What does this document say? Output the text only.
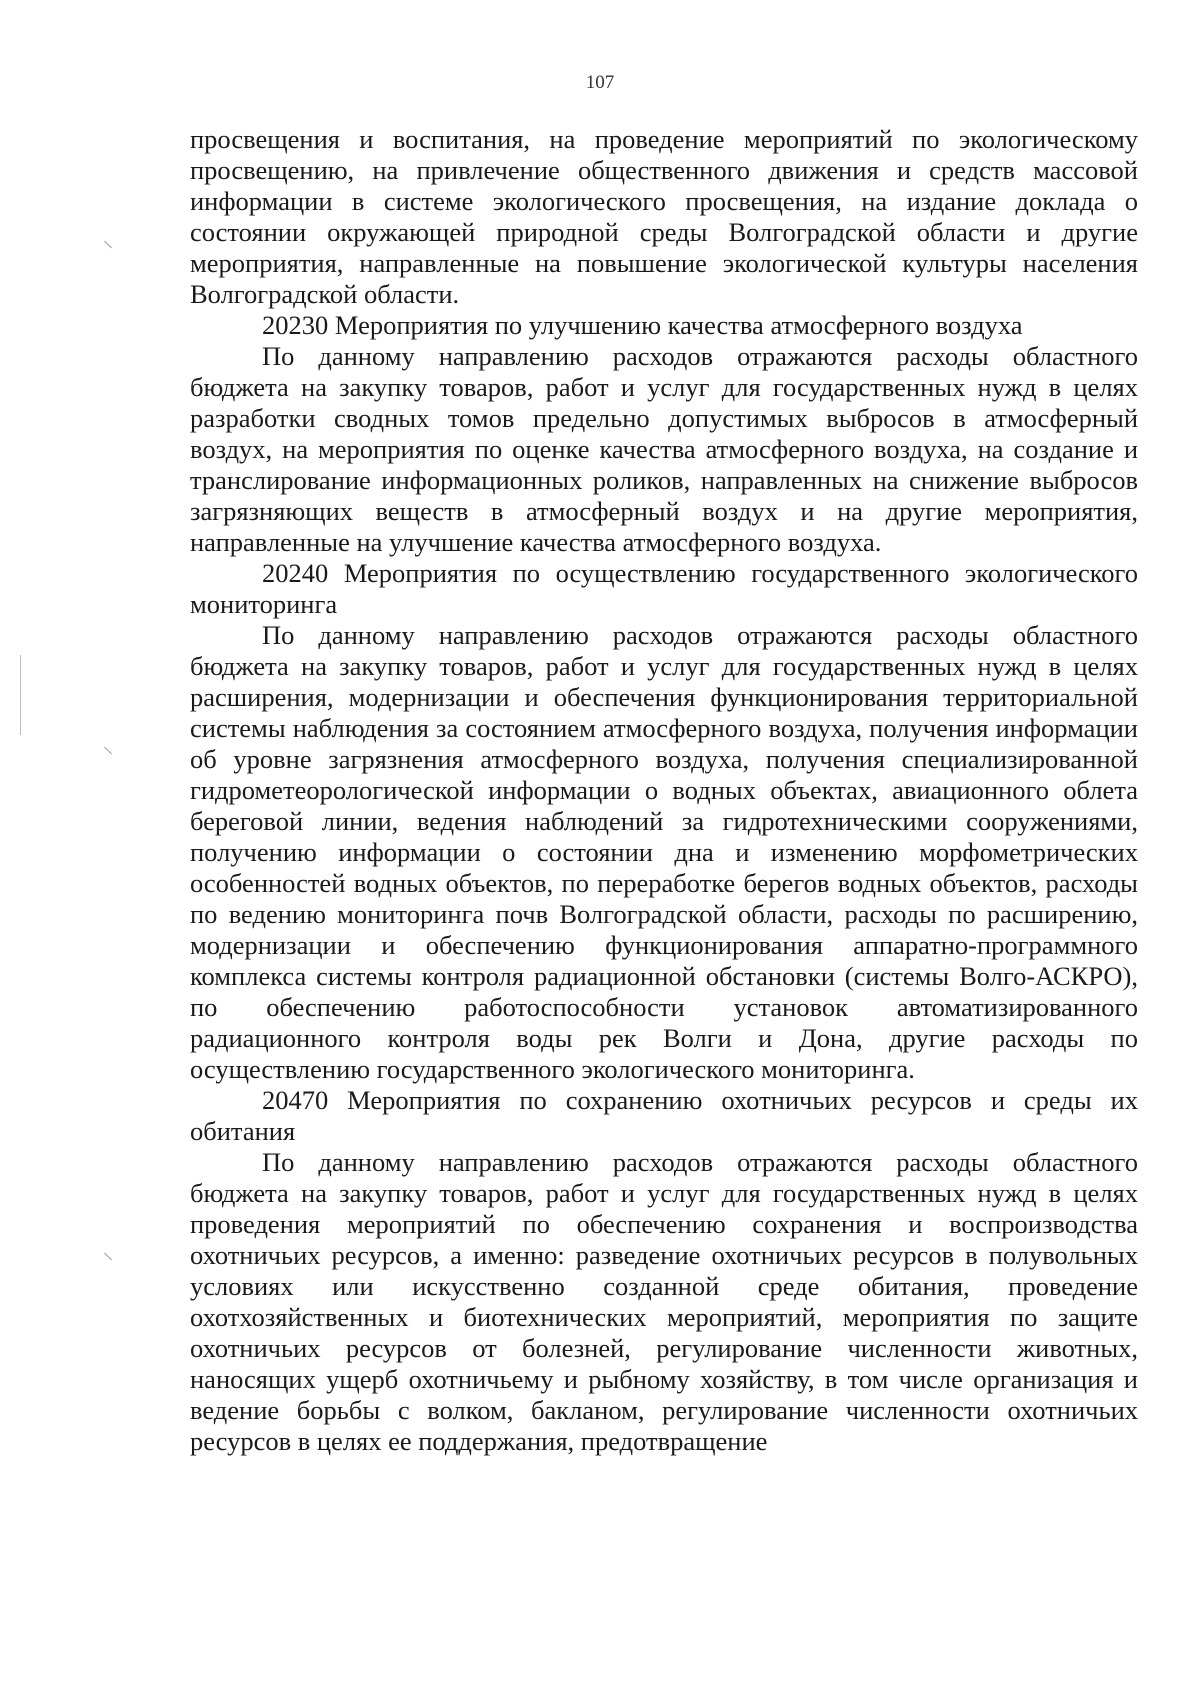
107

просвещения и воспитания, на проведение мероприятий по экологическому просвещению, на привлечение общественного движения и средств массовой информации в системе экологического просвещения, на издание доклада о состоянии окружающей природной среды Волгоградской области и другие мероприятия, направленные на повышение экологической культуры населения Волгоградской области.

20230 Мероприятия по улучшению качества атмосферного воздуха

По данному направлению расходов отражаются расходы областного бюджета на закупку товаров, работ и услуг для государственных нужд в целях разработки сводных томов предельно допустимых выбросов в атмосферный воздух, на мероприятия по оценке качества атмосферного воздуха, на создание и транслирование информационных роликов, направленных на снижение выбросов загрязняющих веществ в атмосферный воздух и на другие мероприятия, направленные на улучшение качества атмосферного воздуха.

20240 Мероприятия по осуществлению государственного экологического мониторинга

По данному направлению расходов отражаются расходы областного бюджета на закупку товаров, работ и услуг для государственных нужд в целях расширения, модернизации и обеспечения функционирования территориальной системы наблюдения за состоянием атмосферного воздуха, получения информации об уровне загрязнения атмосферного воздуха, получения специализированной гидрометеорологической информации о водных объектах, авиационного облета береговой линии, ведения наблюдений за гидротехническими сооружениями, получению информации о состоянии дна и изменению морфометрических особенностей водных объектов, по переработке берегов водных объектов, расходы по ведению мониторинга почв Волгоградской области, расходы по расширению, модернизации и обеспечению функционирования аппаратно-программного комплекса системы контроля радиационной обстановки (системы Волго-АСКРО), по обеспечению работоспособности установок автоматизированного радиационного контроля воды рек Волги и Дона, другие расходы по осуществлению государственного экологического мониторинга.

20470 Мероприятия по сохранению охотничьих ресурсов и среды их обитания

По данному направлению расходов отражаются расходы областного бюджета на закупку товаров, работ и услуг для государственных нужд в целях проведения мероприятий по обеспечению сохранения и воспроизводства охотничьих ресурсов, а именно: разведение охотничьих ресурсов в полувольных условиях или искусственно созданной среде обитания, проведение охотхозяйственных и биотехнических мероприятий, мероприятия по защите охотничьих ресурсов от болезней, регулирование численности животных, наносящих ущерб охотничьему и рыбному хозяйству, в том числе организация и ведение борьбы с волком, бакланом, регулирование численности охотничьих ресурсов в целях ее поддержания, предотвращение
